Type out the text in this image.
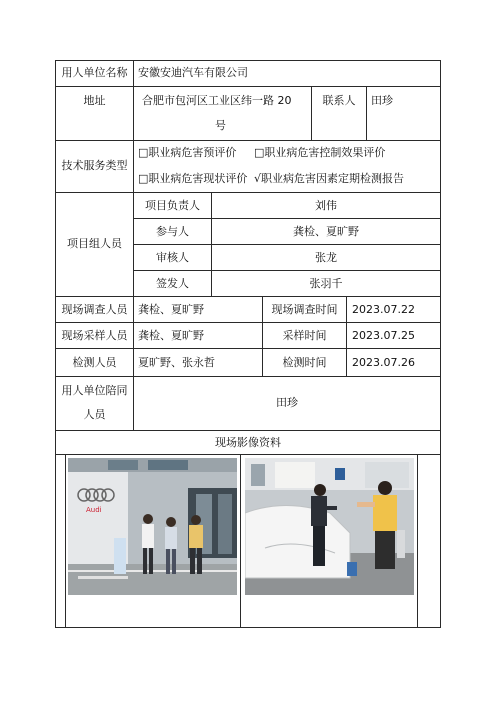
用人单位名称 安徽安迪汽车有限公司
地址	合肥市包河区工业区纬一路 20
号
联系人	田珍
技术服务类型
□职业病危害预评价 □职业病危害控制效果评价
□职业病危害现状评价 √职业病危害因素定期检测报告
项目组人员
项目负责人	刘伟
参与人	龚检、夏旷野
审核人	张龙
签发人	张羽千
现场调查人员 龚检、夏旷野	现场调查时间	2023.07.22
现场采样人员 龚检、夏旷野	采样时间	2023.07.25
检测人员	夏旷野、张永哲	检测时间	2023.07.26
用人单位陪同
人员
田珍
现场影像资料
Audi
